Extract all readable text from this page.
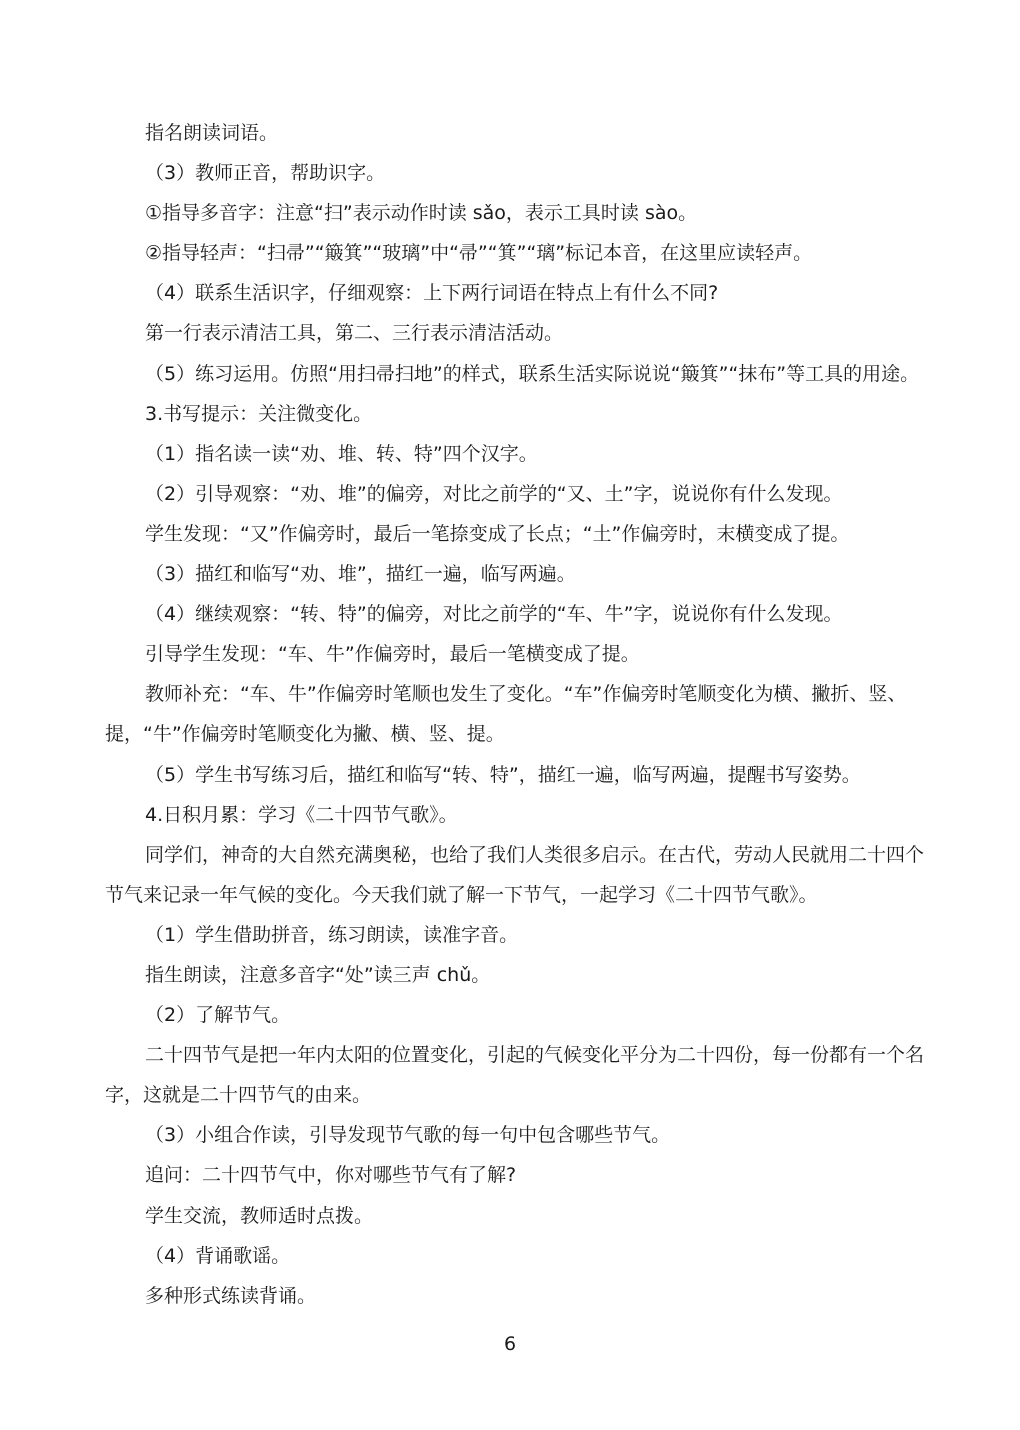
指名朗读词语。

（3）教师正音，帮助识字。

①指导多音字：注意“扫”表示动作时读 sǎo，表示工具时读 sào。

②指导轻声：“扫帚”“簸箕”“玻璃”中“帚”“箕”“璃”标记本音，在这里应读轻声。

（4）联系生活识字，仔细观察：上下两行词语在特点上有什么不同?

第一行表示清洁工具，第二、三行表示清洁活动。

（5）练习运用。仿照“用扫帚扫地”的样式，联系生活实际说说“簸箕”“抹布”等工具的用途。

3.书写提示：关注微变化。

（1）指名读一读“劝、堆、转、特”四个汉字。

（2）引导观察：“劝、堆”的偏旁，对比之前学的“又、土”字，说说你有什么发现。

学生发现：“又”作偏旁时，最后一笔捺变成了长点；“土”作偏旁时，末横变成了提。

（3）描红和临写“劝、堆”，描红一遍，临写两遍。

（4）继续观察：“转、特”的偏旁，对比之前学的“车、牛”字，说说你有什么发现。

引导学生发现：“车、牛”作偏旁时，最后一笔横变成了提。

教师补充：“车、牛”作偏旁时笔顺也发生了变化。“车”作偏旁时笔顺变化为横、撇折、竖、提，“牛”作偏旁时笔顺变化为撇、横、竖、提。

（5）学生书写练习后，描红和临写“转、特”，描红一遍，临写两遍，提醒书写姿势。

4.日积月累：学习《二十四节气歌》。

同学们，神奇的大自然充满奥秘，也给了我们人类很多启示。在古代，劳动人民就用二十四个节气来记录一年气候的变化。今天我们就了解一下节气，一起学习《二十四节气歌》。

（1）学生借助拼音，练习朗读，读准字音。

指生朗读，注意多音字“处”读三声 chǔ。

（2）了解节气。

二十四节气是把一年内太阳的位置变化，引起的气候变化平分为二十四份，每一份都有一个名字，这就是二十四节气的由来。

（3）小组合作读，引导发现节气歌的每一句中包含哪些节气。

追问：二十四节气中，你对哪些节气有了解?

学生交流，教师适时点拨。

（4）背诵歌谣。

多种形式练读背诵。

6
